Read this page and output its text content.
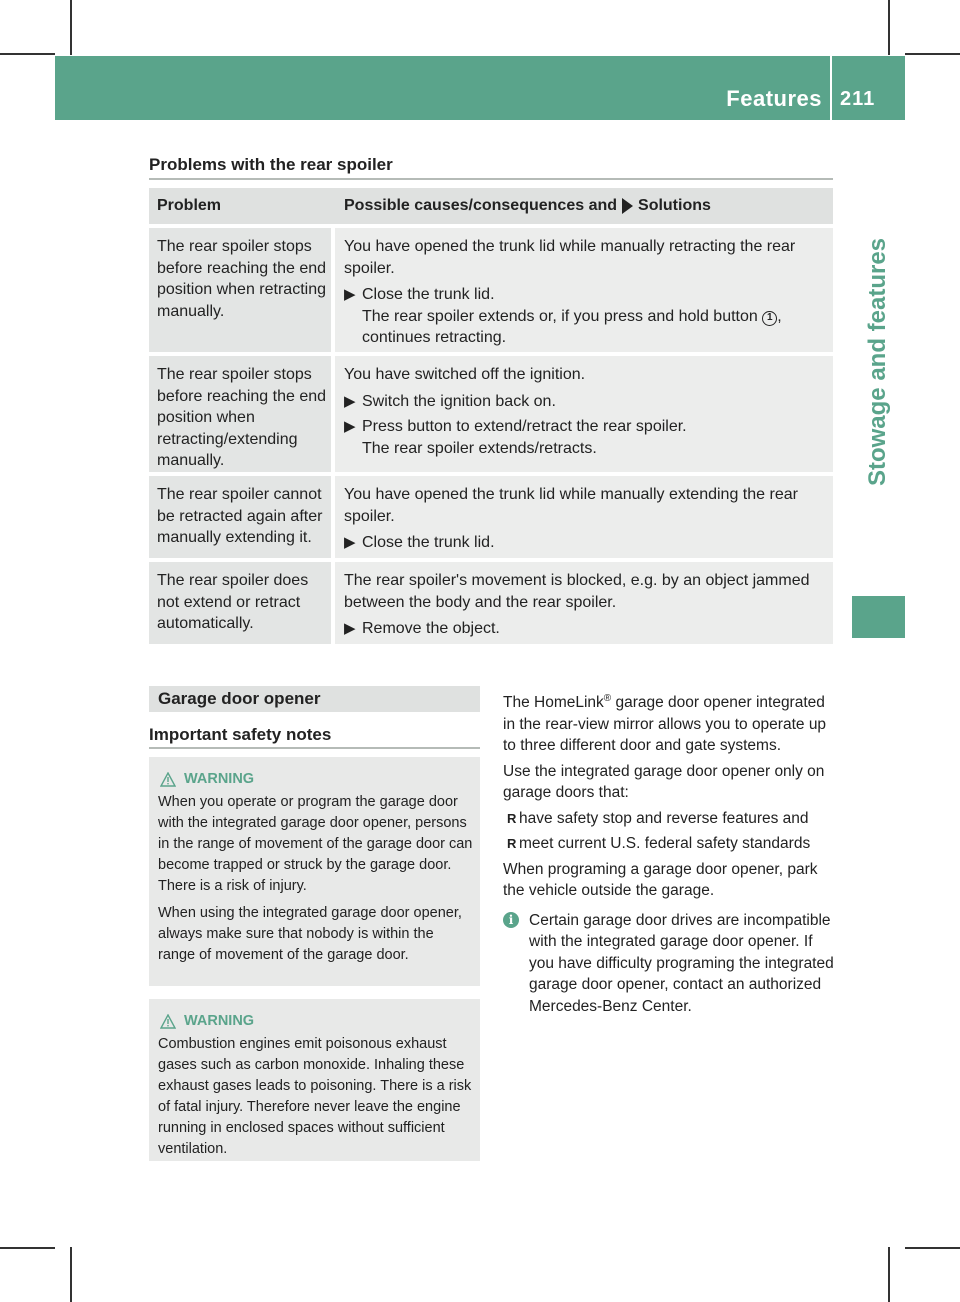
Features 211
Stowage and features
Problems with the rear spoiler
Problem	Possible causes/consequences and Solutions
The rear spoiler stops before reaching the end position when retracting manually.
You have opened the trunk lid while manually retracting the rear spoiler.
▶ Close the trunk lid.
The rear spoiler extends or, if you press and hold button 1 , continues retracting.
The rear spoiler stops before reaching the end position when retracting/extending manually.
You have switched off the ignition.
▶ Switch the ignition back on.
▶ Press button to extend/retract the rear spoiler.
The rear spoiler extends/retracts.
The rear spoiler cannot be retracted again after manually extending it.
You have opened the trunk lid while manually extending the rear spoiler.
▶ Close the trunk lid.
The rear spoiler does not extend or retract automatically.
The rear spoiler's movement is blocked, e.g. by an object jammed between the body and the rear spoiler.
▶ Remove the object.
Garage door opener
Important safety notes
WARNING

When you operate or program the garage door with the integrated garage door opener, persons in the range of movement of the garage door can become trapped or struck by the garage door. There is a risk of injury.

When using the integrated garage door opener, always make sure that nobody is within the range of movement of the garage door.

WARNING

Combustion engines emit poisonous exhaust gases such as carbon monoxide. Inhaling these exhaust gases leads to poisoning. There is a risk of fatal injury. Therefore never leave the engine running in enclosed spaces without sufficient ventilation.

The HomeLink® garage door opener integrated in the rear-view mirror allows you to operate up to three different door and gate systems.

Use the integrated garage door opener only on garage doors that:

R have safety stop and reverse features and
R meet current U.S. federal safety standards

When programing a garage door opener, park the vehicle outside the garage.

i	Certain garage door drives are incompatible with the integrated garage door opener. If you have difficulty programing the integrated garage door opener, contact an authorized Mercedes-Benz Center.
